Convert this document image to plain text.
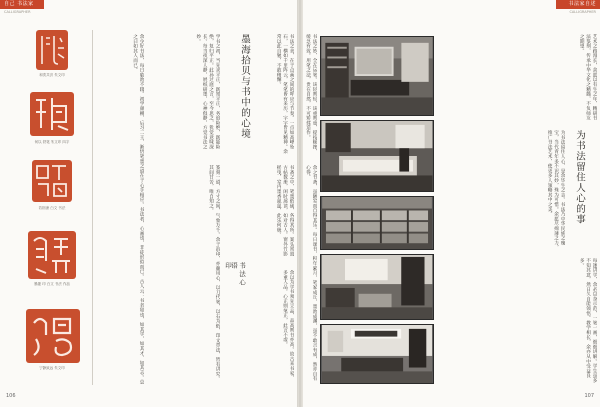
自己 书法家
CALLIGRAPHER
和衷共济 朱文印
何以 铁笔 朱文印 四字
若拙斋 白文 书法
墨趣 印 白文 书法 作品
宁静致远 朱文印	余少好书法，每日临池不辍。初学颜柳，后习二王，渐悟笔墨之道在于心手相应。书法者，心画也，非徒形似而已。古人云：书者如也，如其学，如其才，如其志。总之曰如其人而已。	学书之初，当先求平正，既知平正，务追险绝，既能险绝，复归平正。此孙过庭之言，至今思之，犹觉意味深长。每当夜深人静，展纸研墨，心神俱静，方觉书法之妙。
篆刻一道，方寸之间，气象万千。余于治印，亦颇用心，以刀代笔，以石为纸，印文章法，皆有讲究。其间甘苦，唯自知之。
墨海拾贝与书中的心境	书法之美，在于点画之间的呼应与节奏。一点如高峰坠石，一横如千里阵云，笔笔皆有来历，字字皆见精神。余常以此自勉，不敢稍懈。
书斋之中，笔墨纸砚，各得其所。案头常置古帖数册，闲时展读，如对古人。窗外竹影摇曳，室内墨香氤氲，此乐何极。
书法心语
印
余以为学书须先立品，品高则书亦高。故古来书家，多重人品。心正则笔正，此言不虚。
106
书法家自述
CALLIGRAPHER
书法之妙，全在运笔。该轻则轻，该重则重，提按顿挫，缓急有致。用笔之法，贵在自然，不可矫揉造作。
余之书斋，虽陋室而自得其乐。每日课书，积年累月，笔冢成丘，墨池成渊，虽不敢言有成，然亦自有心得。
艺术之路漫长，余愿以有生之年，精研书法篆刻，传承中华文化之精髓，不负师友之期望。
为书法留住人心的事
为书法留住人心，是余毕生之志。书法乃中华民族之瑰宝，当代青年多不识其妙，殊为可惜。余愿尽绵薄之力，推广书法艺术，使更多人领略其中之美。
每逢讲学，余必以身示范，一笔一画，细细讲解。学生虽多不知其意，然日久自能领悟。教学相长，余亦从中受益良多。
107
